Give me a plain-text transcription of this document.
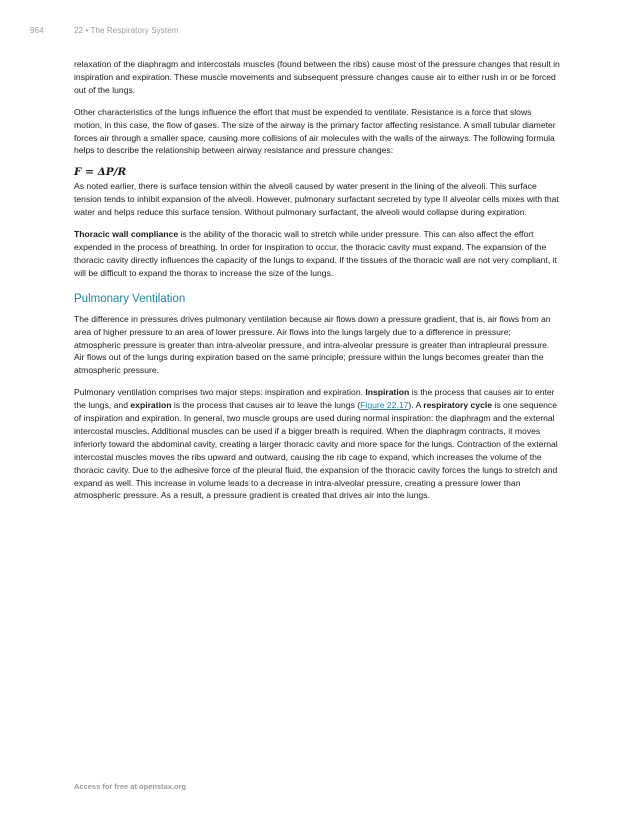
964	22 • The Respiratory System

relaxation of the diaphragm and intercostals muscles (found between the ribs) cause most of the pressure changes that result in inspiration and expiration. These muscle movements and subsequent pressure changes cause air to either rush in or be forced out of the lungs.

Other characteristics of the lungs influence the effort that must be expended to ventilate. Resistance is a force that slows motion, in this case, the flow of gases. The size of the airway is the primary factor affecting resistance. A small tubular diameter forces air through a smaller space, causing more collisions of air molecules with the walls of the airways. The following formula helps to describe the relationship between airway resistance and pressure changes:

F = ΔP/R

As noted earlier, there is surface tension within the alveoli caused by water present in the lining of the alveoli. This surface tension tends to inhibit expansion of the alveoli. However, pulmonary surfactant secreted by type II alveolar cells mixes with that water and helps reduce this surface tension. Without pulmonary surfactant, the alveoli would collapse during expiration.

Thoracic wall compliance is the ability of the thoracic wall to stretch while under pressure. This can also affect the effort expended in the process of breathing. In order for inspiration to occur, the thoracic cavity must expand. The expansion of the thoracic cavity directly influences the capacity of the lungs to expand. If the tissues of the thoracic wall are not very compliant, it will be difficult to expand the thorax to increase the size of the lungs.

Pulmonary Ventilation

The difference in pressures drives pulmonary ventilation because air flows down a pressure gradient, that is, air flows from an area of higher pressure to an area of lower pressure. Air flows into the lungs largely due to a difference in pressure; atmospheric pressure is greater than intra-alveolar pressure, and intra-alveolar pressure is greater than intrapleural pressure. Air flows out of the lungs during expiration based on the same principle; pressure within the lungs becomes greater than the atmospheric pressure.

Pulmonary ventilation comprises two major steps: inspiration and expiration. Inspiration is the process that causes air to enter the lungs, and expiration is the process that causes air to leave the lungs (Figure 22.17). A respiratory cycle is one sequence of inspiration and expiration. In general, two muscle groups are used during normal inspiration: the diaphragm and the external intercostal muscles. Additional muscles can be used if a bigger breath is required. When the diaphragm contracts, it moves inferiorly toward the abdominal cavity, creating a larger thoracic cavity and more space for the lungs. Contraction of the external intercostal muscles moves the ribs upward and outward, causing the rib cage to expand, which increases the volume of the thoracic cavity. Due to the adhesive force of the pleural fluid, the expansion of the thoracic cavity forces the lungs to stretch and expand as well. This increase in volume leads to a decrease in intra-alveolar pressure, creating a pressure lower than atmospheric pressure. As a result, a pressure gradient is created that drives air into the lungs.

Access for free at openstax.org
